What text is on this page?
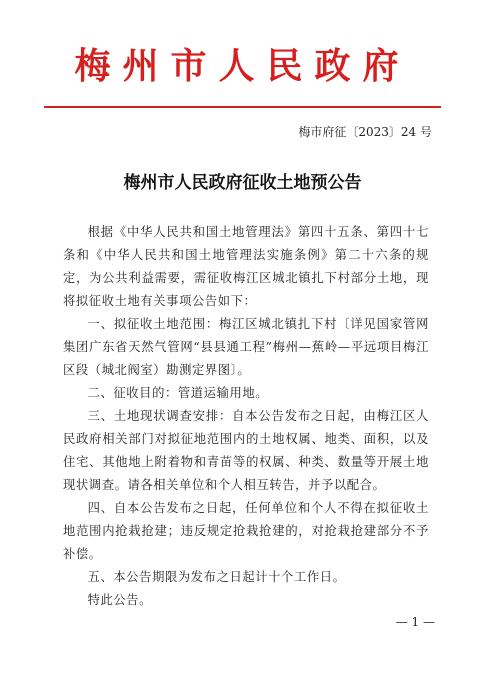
梅州市人民政府
梅市府征〔2023〕24 号
梅州市人民政府征收土地预公告

根据《中华人民共和国土地管理法》第四十五条、第四十七条和《中华人民共和国土地管理法实施条例》第二十六条的规定，为公共利益需要，需征收梅江区城北镇扎下村部分土地，现将拟征收土地有关事项公告如下：

一、拟征收土地范围：梅江区城北镇扎下村〔详见国家管网集团广东省天然气管网“县县通工程”梅州—蕉岭—平远项目梅江区段（城北阀室）勘测定界图〕。

二、征收目的：管道运输用地。

三、土地现状调查安排：自本公告发布之日起，由梅江区人民政府相关部门对拟征地范围内的土地权属、地类、面积，以及住宅、其他地上附着物和青苗等的权属、种类、数量等开展土地现状调查。请各相关单位和个人相互转告，并予以配合。

四、自本公告发布之日起，任何单位和个人不得在拟征收土地范围内抢栽抢建；违反规定抢栽抢建的，对抢栽抢建部分不予补偿。

五、本公告期限为发布之日起计十个工作日。

特此公告。

— 1 —
